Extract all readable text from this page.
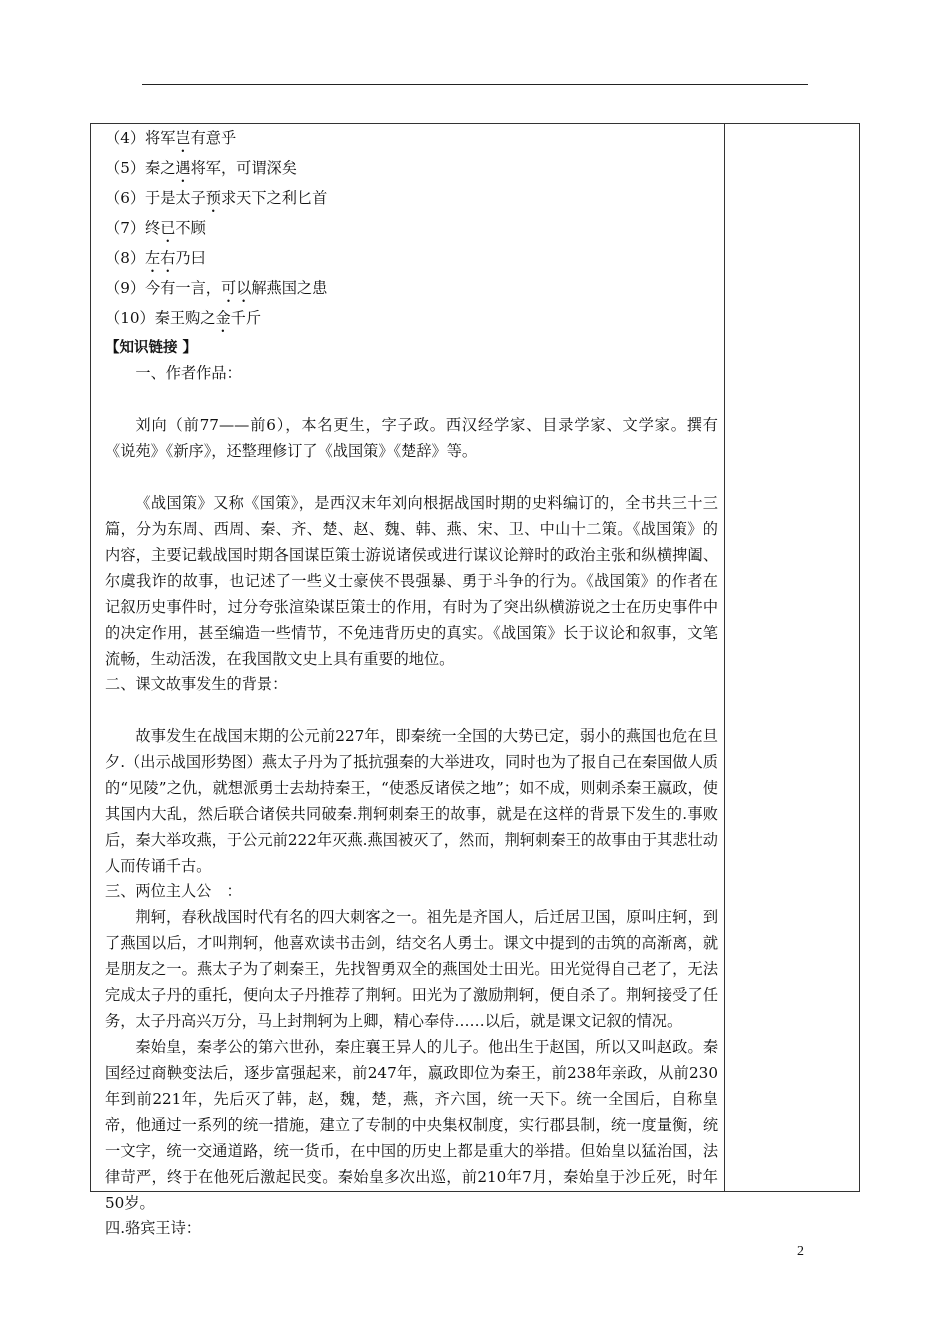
（4）将军岂有意乎
（5）秦之遇将军，可谓深矣
（6）于是太子预求天下之利匕首
（7）终已不顾
（8）左右乃曰
（9）今有一言，可以解燕国之患
（10）秦王购之金千斤
【知识链接 】
一、作者作品：

刘向（前77——前6），本名更生，字子政。西汉经学家、目录学家、文学家。撰有《说苑》《新序》，还整理修订了《战国策》《楚辞》等。

《战国策》又称《国策》，是西汉末年刘向根据战国时期的史料编订的，全书共三十三篇，分为东周、西周、秦、齐、楚、赵、魏、韩、燕、宋、卫、中山十二策。《战国策》的内容，主要记载战国时期各国谋臣策士游说诸侯或进行谋议论辩时的政治主张和纵横捭阖、尔虞我诈的故事，也记述了一些义士豪侠不畏强暴、勇于斗争的行为。《战国策》的作者在记叙历史事件时，过分夸张渲染谋臣策士的作用，有时为了突出纵横游说之士在历史事件中的决定作用，甚至编造一些情节，不免违背历史的真实。《战国策》长于议论和叙事，文笔流畅，生动活泼，在我国散文史上具有重要的地位。

二、课文故事发生的背景：

故事发生在战国末期的公元前227年，即秦统一全国的大势已定，弱小的燕国也危在旦夕.（出示战国形势图）燕太子丹为了抵抗强秦的大举进攻，同时也为了报自己在秦国做人质的“见陵”之仇，就想派勇士去劫持秦王，“使悉反诸侯之地”；如不成，则刺杀秦王嬴政，使其国内大乱，然后联合诸侯共同破秦.荆轲刺秦王的故事，就是在这样的背景下发生的.事败后，秦大举攻燕，于公元前222年灭燕.燕国被灭了，然而，荆轲刺秦王的故事由于其悲壮动人而传诵千古。

三、两位主人公　：

荆轲，春秋战国时代有名的四大刺客之一。祖先是齐国人，后迁居卫国，原叫庄轲，到了燕国以后，才叫荆轲，他喜欢读书击剑，结交名人勇士。课文中提到的击筑的高渐离，就是朋友之一。燕太子为了刺秦王，先找智勇双全的燕国处士田光。田光觉得自己老了，无法完成太子丹的重托，便向太子丹推荐了荆轲。田光为了激励荆轲，便自杀了。荆轲接受了任务，太子丹高兴万分，马上封荆轲为上卿，精心奉侍……以后，就是课文记叙的情况。

秦始皇，秦孝公的第六世孙，秦庄襄王异人的儿子。他出生于赵国，所以又叫赵政。秦国经过商鞅变法后，逐步富强起来，前247年，嬴政即位为秦王，前238年亲政，从前230年到前221年，先后灭了韩，赵，魏，楚，燕，齐六国，统一天下。统一全国后，自称皇帝，他通过一系列的统一措施，建立了专制的中央集权制度，实行郡县制，统一度量衡，统一文字，统一交通道路，统一货币，在中国的历史上都是重大的举措。但始皇以猛治国，法律苛严，终于在他死后激起民变。秦始皇多次出巡，前210年7月，秦始皇于沙丘死，时年50岁。

四.骆宾王诗：
2
